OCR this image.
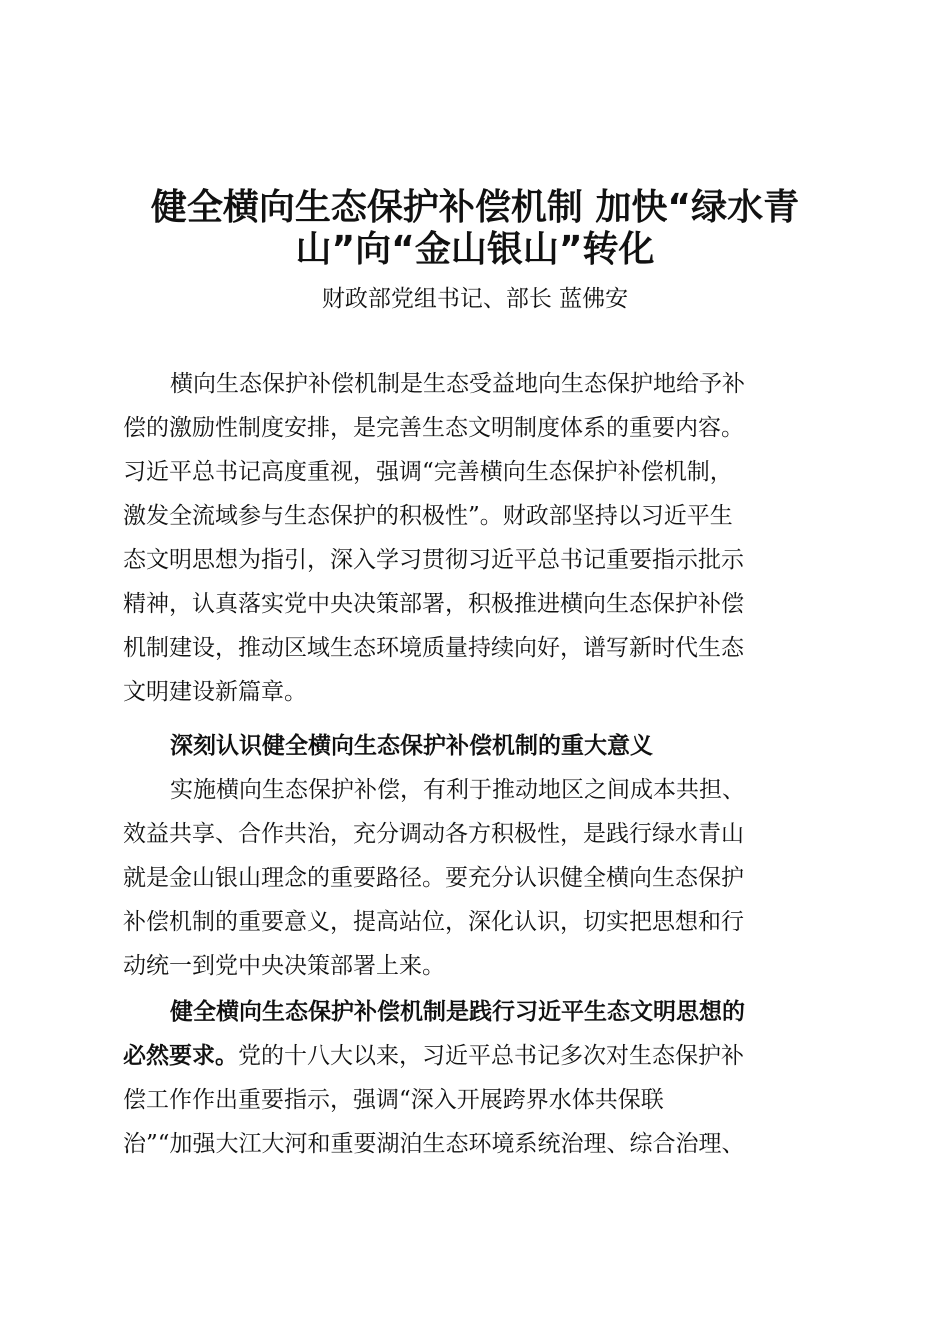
健全横向生态保护补偿机制 加快“绿水青
山”向“金山银山”转化
财政部党组书记、部长 蓝佛安
横向生态保护补偿机制是生态受益地向生态保护地给予补
偿的激励性制度安排，是完善生态文明制度体系的重要内容。
习近平总书记高度重视，强调“完善横向生态保护补偿机制，
激发全流域参与生态保护的积极性”。财政部坚持以习近平生
态文明思想为指引，深入学习贯彻习近平总书记重要指示批示
精神，认真落实党中央决策部署，积极推进横向生态保护补偿
机制建设，推动区域生态环境质量持续向好，谱写新时代生态
文明建设新篇章。
深刻认识健全横向生态保护补偿机制的重大意义
实施横向生态保护补偿，有利于推动地区之间成本共担、
效益共享、合作共治，充分调动各方积极性，是践行绿水青山
就是金山银山理念的重要路径。要充分认识健全横向生态保护
补偿机制的重要意义，提高站位，深化认识，切实把思想和行
动统一到党中央决策部署上来。
健全横向生态保护补偿机制是践行习近平生态文明思想的
必然要求。党的十八大以来，习近平总书记多次对生态保护补
偿工作作出重要指示，强调“深入开展跨界水体共保联
治”“加强大江大河和重要湖泊生态环境系统治理、综合治理、
